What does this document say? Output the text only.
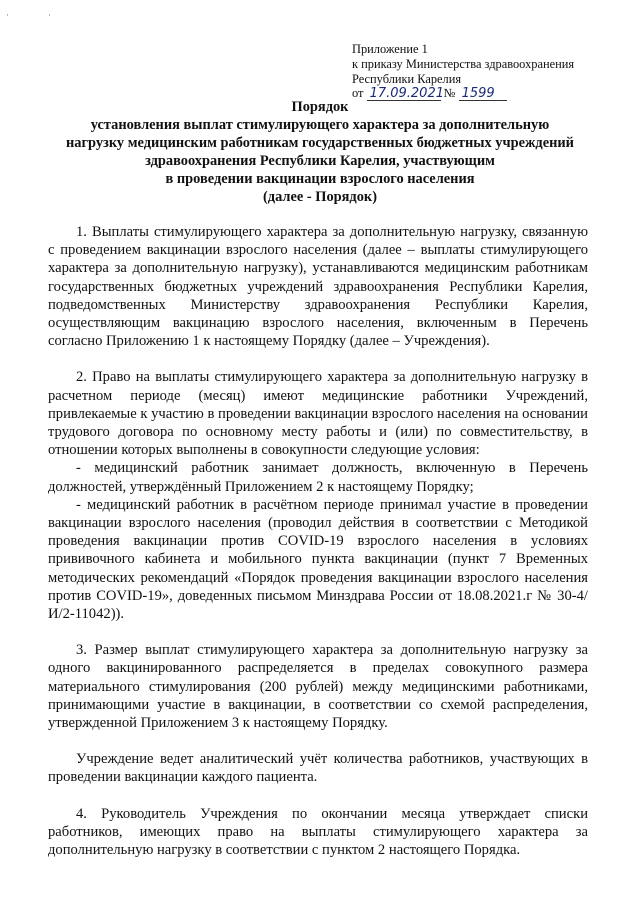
·    ·
Приложение 1
к приказу Министерства здравоохранения
Республики Карелия
от 17.09.2021 № 1599
Порядок
установления выплат стимулирующего характера за дополнительную
нагрузку медицинским работникам государственных бюджетных учреждений
здравоохранения Республики Карелия, участвующим
в проведении вакцинации взрослого населения
(далее - Порядок)

1. Выплаты стимулирующего характера за дополнительную нагрузку, связанную с проведением вакцинации взрослого населения (далее – выплаты стимулирующего характера за дополнительную нагрузку), устанавливаются медицинским работникам государственных бюджетных учреждений здравоохранения Республики Карелия, подведомственных Министерству здравоохранения Республики Карелия, осуществляющим вакцинацию взрослого населения, включенным в Перечень согласно Приложению 1 к настоящему Порядку (далее – Учреждения).

2. Право на выплаты стимулирующего характера за дополнительную нагрузку в расчетном периоде (месяц) имеют медицинские работники Учреждений, привлекаемые к участию в проведении вакцинации взрослого населения на основании трудового договора по основному месту работы и (или) по совместительству, в отношении которых выполнены в совокупности следующие условия:

- медицинский работник занимает должность, включенную в Перечень должностей, утверждённый Приложением 2 к настоящему Порядку;

- медицинский работник в расчётном периоде принимал участие в проведении вакцинации взрослого населения (проводил действия в соответствии с Методикой проведения вакцинации против COVID-19 взрослого населения в условиях прививочного кабинета и мобильного пункта вакцинации (пункт 7 Временных методических рекомендаций «Порядок проведения вакцинации взрослого населения против COVID-19», доведенных письмом Минздрава России от 18.08.2021.г № 30-4/И/2-11042)).

3. Размер выплат стимулирующего характера за дополнительную нагрузку за одного вакцинированного распределяется в пределах совокупного размера материального стимулирования (200 рублей) между медицинскими работниками, принимающими участие в вакцинации, в соответствии со схемой распределения, утвержденной Приложением 3 к настоящему Порядку.

Учреждение ведет аналитический учёт количества работников, участвующих в проведении вакцинации каждого пациента.

4. Руководитель Учреждения по окончании месяца утверждает списки работников, имеющих право на выплаты стимулирующего характера за дополнительную нагрузку в соответствии с пунктом 2 настоящего Порядка.
